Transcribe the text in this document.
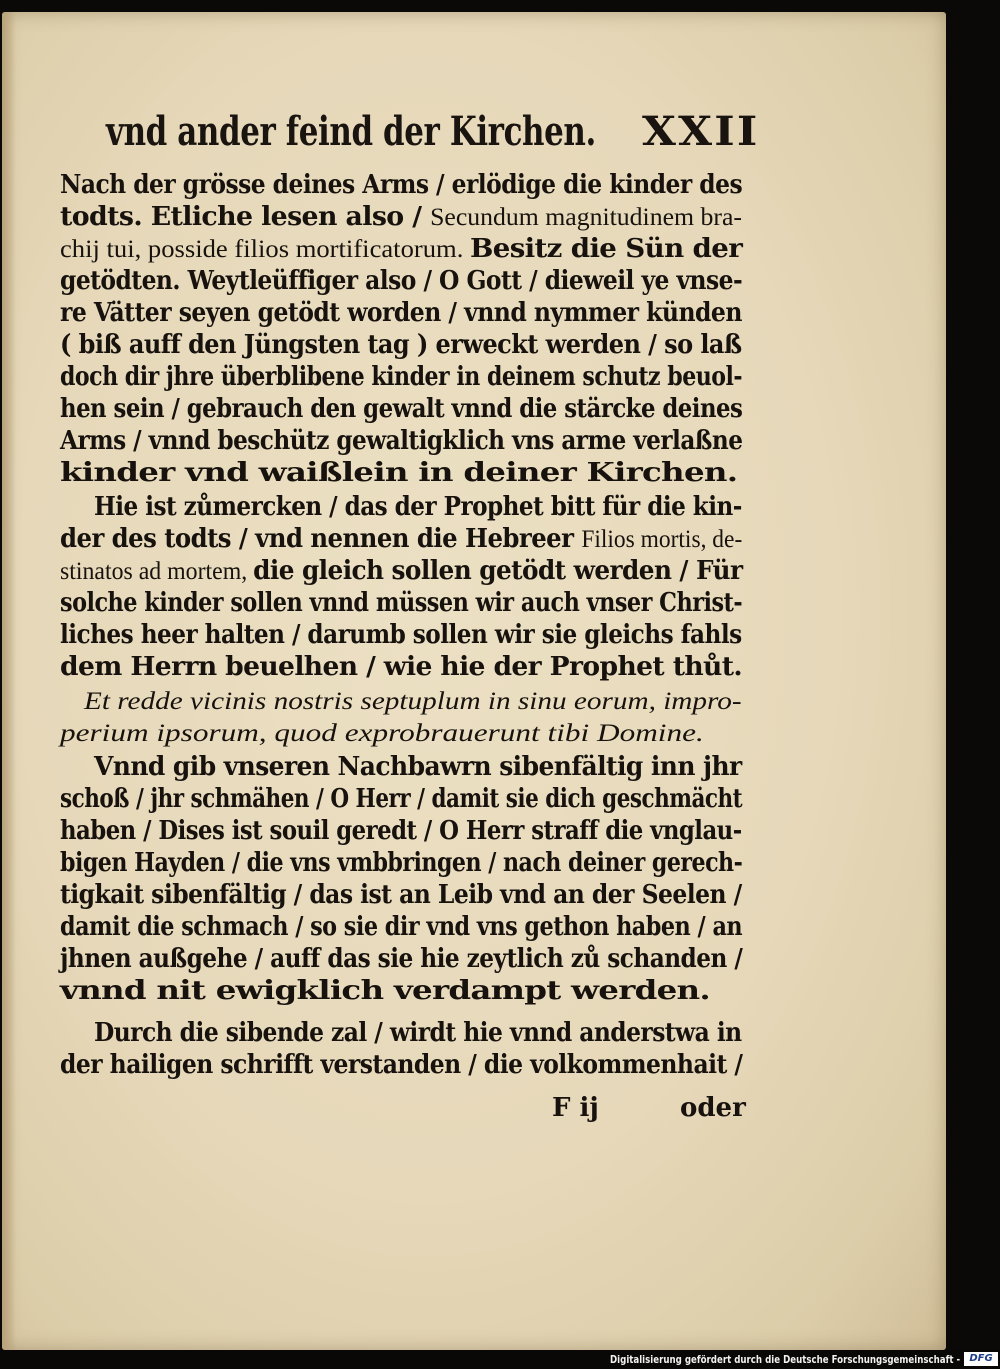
vnd ander feind der Kirchen. XXII
Nach der grösse deines Arms / erlödige die kinder des
todts. Etliche lesen also / Secundum magnitudinem bra-
chij tui, posside filios mortificatorum. Besitz die Sün der
getödten. Weytleüffiger also / O Gott / dieweil ye vnse-
re Vätter seyen getödt worden / vnnd nymmer künden
( biß auff den Jüngsten tag ) erweckt werden / so laß
doch dir jhre überblibene kinder in deinem schutz beuol-
hen sein / gebrauch den gewalt vnnd die stärcke deines
Arms / vnnd beschütz gewaltigklich vns arme verlaßne
kinder vnd waißlein in deiner Kirchen.
Hie ist zůmercken / das der Prophet bitt für die kin-
der des todts / vnd nennen die Hebreer Filios mortis, de-
stinatos ad mortem, die gleich sollen getödt werden / Für
solche kinder sollen vnnd müssen wir auch vnser Christ-
liches heer halten / darumb sollen wir sie gleichs fahls
dem Herrn beuelhen / wie hie der Prophet thůt.
Et redde vicinis nostris septuplum in sinu eorum, impro-
perium ipsorum, quod exprobrauerunt tibi Domine.
Vnnd gib vnseren Nachbawrn sibenfältig inn jhr
schoß / jhr schmähen / O Herr / damit sie dich geschmächt
haben / Dises ist souil geredt / O Herr straff die vnglau-
bigen Hayden / die vns vmbbringen / nach deiner gerech-
tigkait sibenfältig / das ist an Leib vnd an der Seelen /
damit die schmach / so sie dir vnd vns gethon haben / an
jhnen außgehe / auff das sie hie zeytlich zů schanden /
vnnd nit ewigklich verdampt werden.
Durch die sibende zal / wirdt hie vnnd anderstwa in
der hailigen schrifft verstanden / die volkommenhait /
F ij	oder
Digitalisierung gefördert durch die Deutsche Forschungsgemeinschaft - DFG
